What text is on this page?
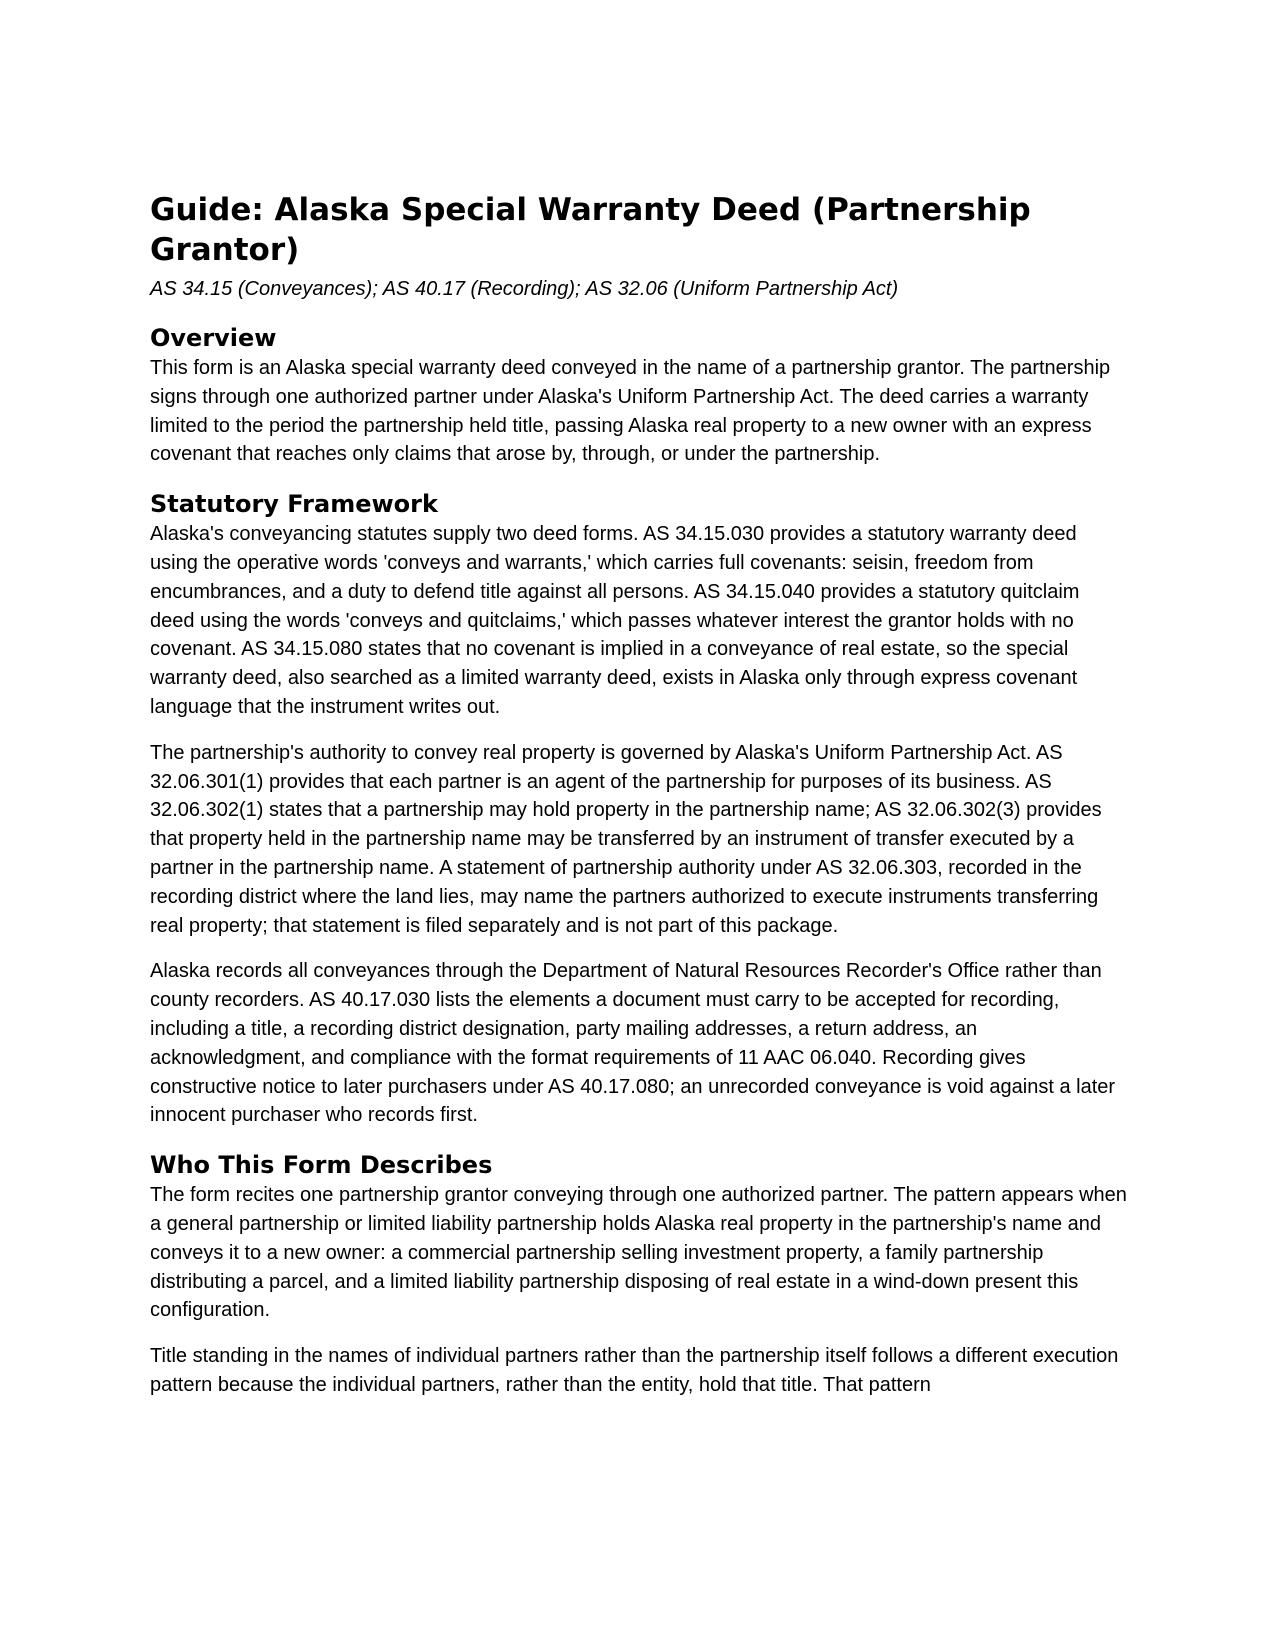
Guide: Alaska Special Warranty Deed (Partnership Grantor)
AS 34.15 (Conveyances); AS 40.17 (Recording); AS 32.06 (Uniform Partnership Act)
Overview

This form is an Alaska special warranty deed conveyed in the name of a partnership grantor. The partnership signs through one authorized partner under Alaska's Uniform Partnership Act. The deed carries a warranty limited to the period the partnership held title, passing Alaska real property to a new owner with an express covenant that reaches only claims that arose by, through, or under the partnership.

Statutory Framework

Alaska's conveyancing statutes supply two deed forms. AS 34.15.030 provides a statutory warranty deed using the operative words 'conveys and warrants,' which carries full covenants: seisin, freedom from encumbrances, and a duty to defend title against all persons. AS 34.15.040 provides a statutory quitclaim deed using the words 'conveys and quitclaims,' which passes whatever interest the grantor holds with no covenant. AS 34.15.080 states that no covenant is implied in a conveyance of real estate, so the special warranty deed, also searched as a limited warranty deed, exists in Alaska only through express covenant language that the instrument writes out.

The partnership's authority to convey real property is governed by Alaska's Uniform Partnership Act. AS 32.06.301(1) provides that each partner is an agent of the partnership for purposes of its business. AS 32.06.302(1) states that a partnership may hold property in the partnership name; AS 32.06.302(3) provides that property held in the partnership name may be transferred by an instrument of transfer executed by a partner in the partnership name. A statement of partnership authority under AS 32.06.303, recorded in the recording district where the land lies, may name the partners authorized to execute instruments transferring real property; that statement is filed separately and is not part of this package.

Alaska records all conveyances through the Department of Natural Resources Recorder's Office rather than county recorders. AS 40.17.030 lists the elements a document must carry to be accepted for recording, including a title, a recording district designation, party mailing addresses, a return address, an acknowledgment, and compliance with the format requirements of 11 AAC 06.040. Recording gives constructive notice to later purchasers under AS 40.17.080; an unrecorded conveyance is void against a later innocent purchaser who records first.

Who This Form Describes

The form recites one partnership grantor conveying through one authorized partner. The pattern appears when a general partnership or limited liability partnership holds Alaska real property in the partnership's name and conveys it to a new owner: a commercial partnership selling investment property, a family partnership distributing a parcel, and a limited liability partnership disposing of real estate in a wind-down present this configuration.

Title standing in the names of individual partners rather than the partnership itself follows a different execution pattern because the individual partners, rather than the entity, hold that title. That pattern
